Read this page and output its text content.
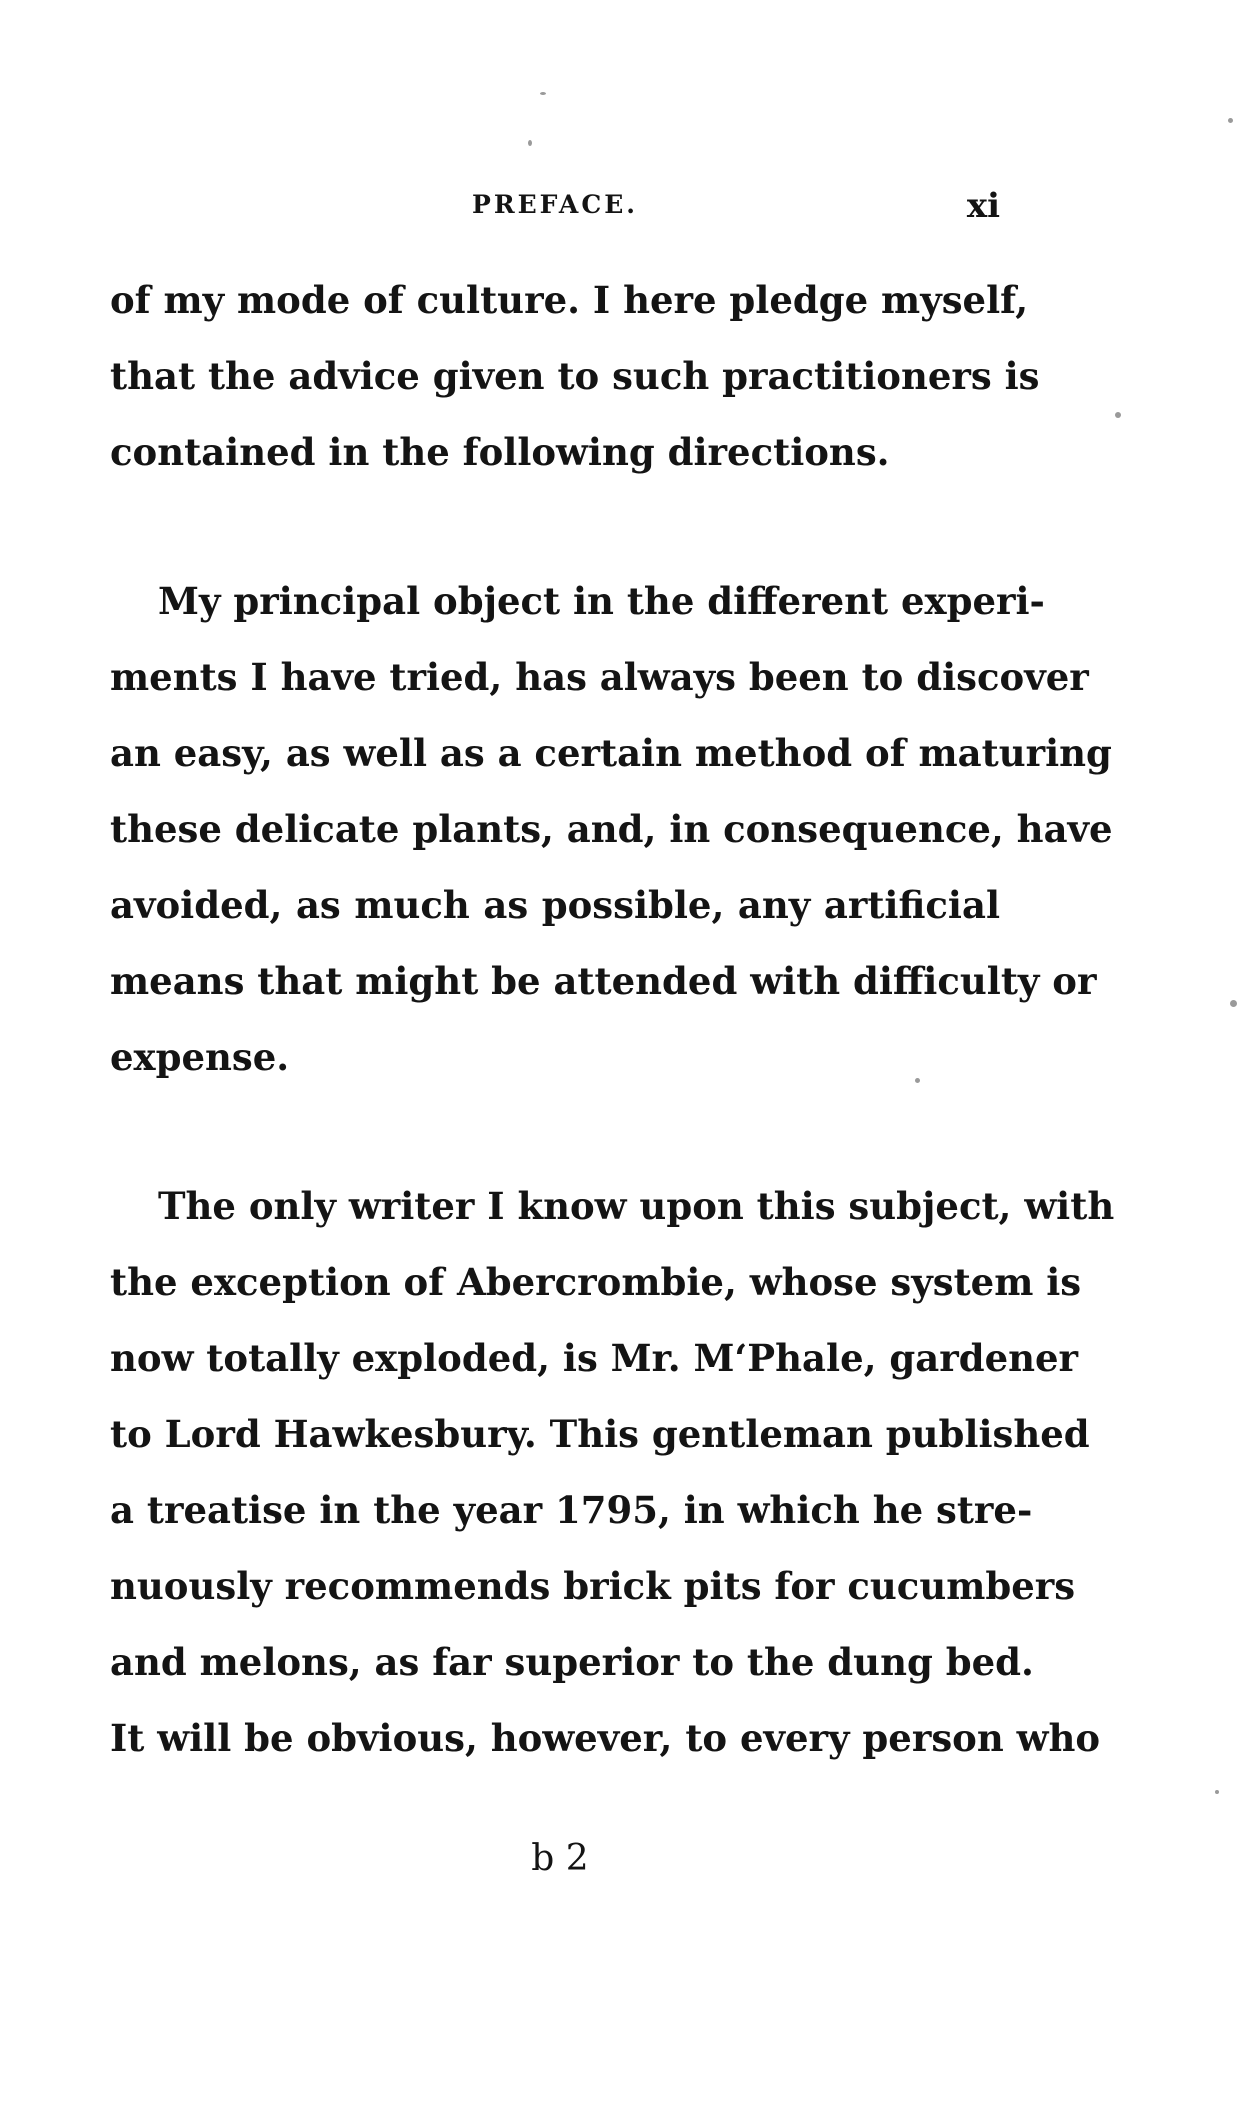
PREFACE.	xi
of my mode of culture. I here pledge myself,
that the advice given to such practitioners is
contained in the following directions.
My principal object in the different experi-
ments I have tried, has always been to discover
an easy, as well as a certain method of maturing
these delicate plants, and, in consequence, have
avoided, as much as possible, any artificial
means that might be attended with difficulty or
expense.
The only writer I know upon this subject, with
the exception of Abercrombie, whose system is
now totally exploded, is Mr. M‘Phale, gardener
to Lord Hawkesbury. This gentleman published
a treatise in the year 1795, in which he stre-
nuously recommends brick pits for cucumbers
and melons, as far superior to the dung bed.
It will be obvious, however, to every person who
b 2
